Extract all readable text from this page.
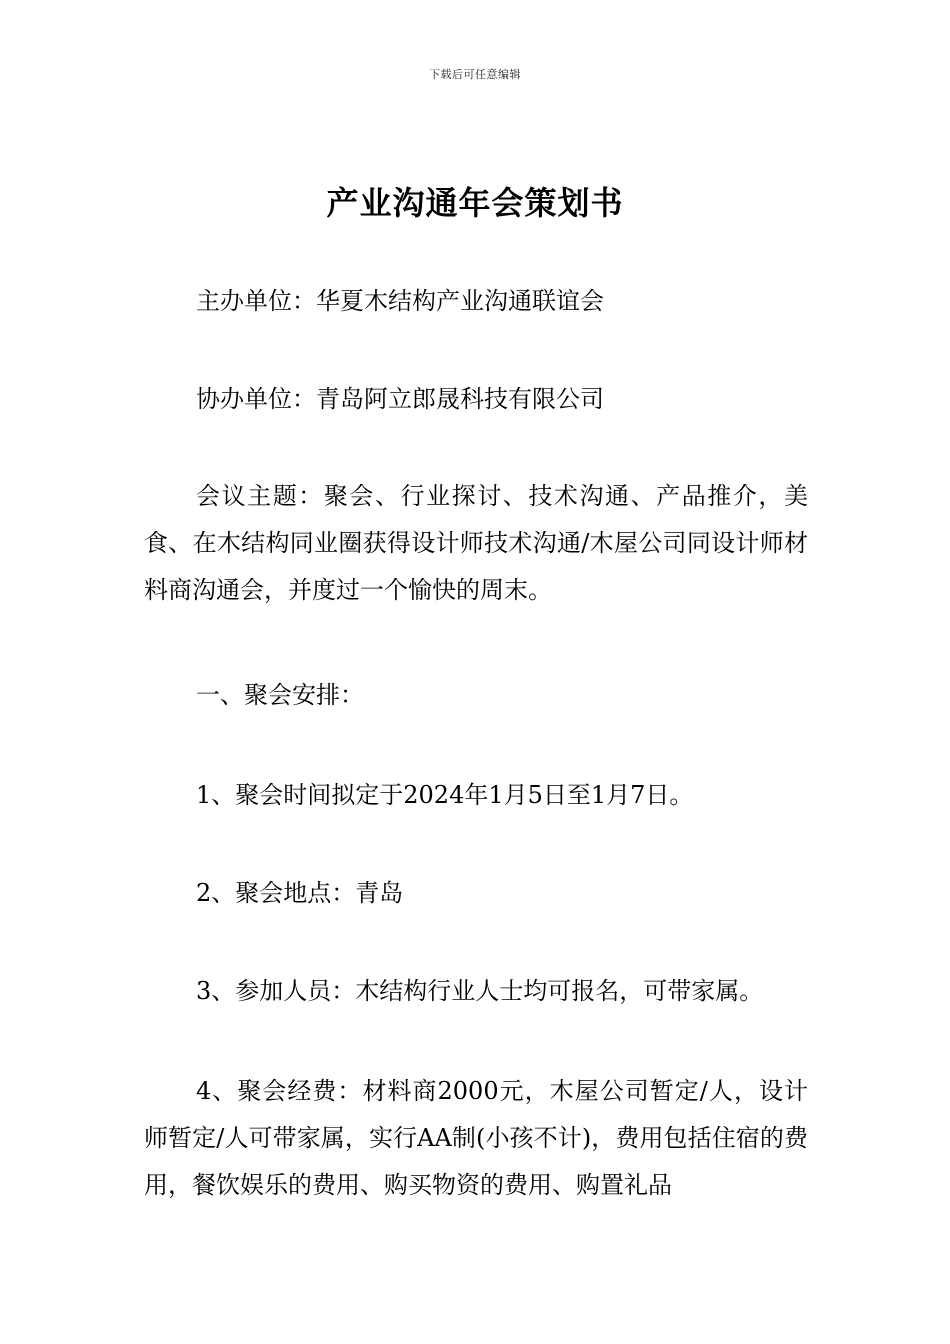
下载后可任意编辑
产业沟通年会策划书

主办单位：华夏木结构产业沟通联谊会

协办单位：青岛阿立郎晟科技有限公司

会议主题：聚会、行业探讨、技术沟通、产品推介，美食、在木结构同业圈获得设计师技术沟通/木屋公司同设计师材料商沟通会，并度过一个愉快的周末。

一、聚会安排：

1、聚会时间拟定于2024年1月5日至1月7日。

2、聚会地点：青岛

3、参加人员：木结构行业人士均可报名，可带家属。

4、聚会经费：材料商2000元，木屋公司暂定/人，设计师暂定/人可带家属，实行AA制(小孩不计)，费用包括住宿的费用，餐饮娱乐的费用、购买物资的费用、购置礼品
